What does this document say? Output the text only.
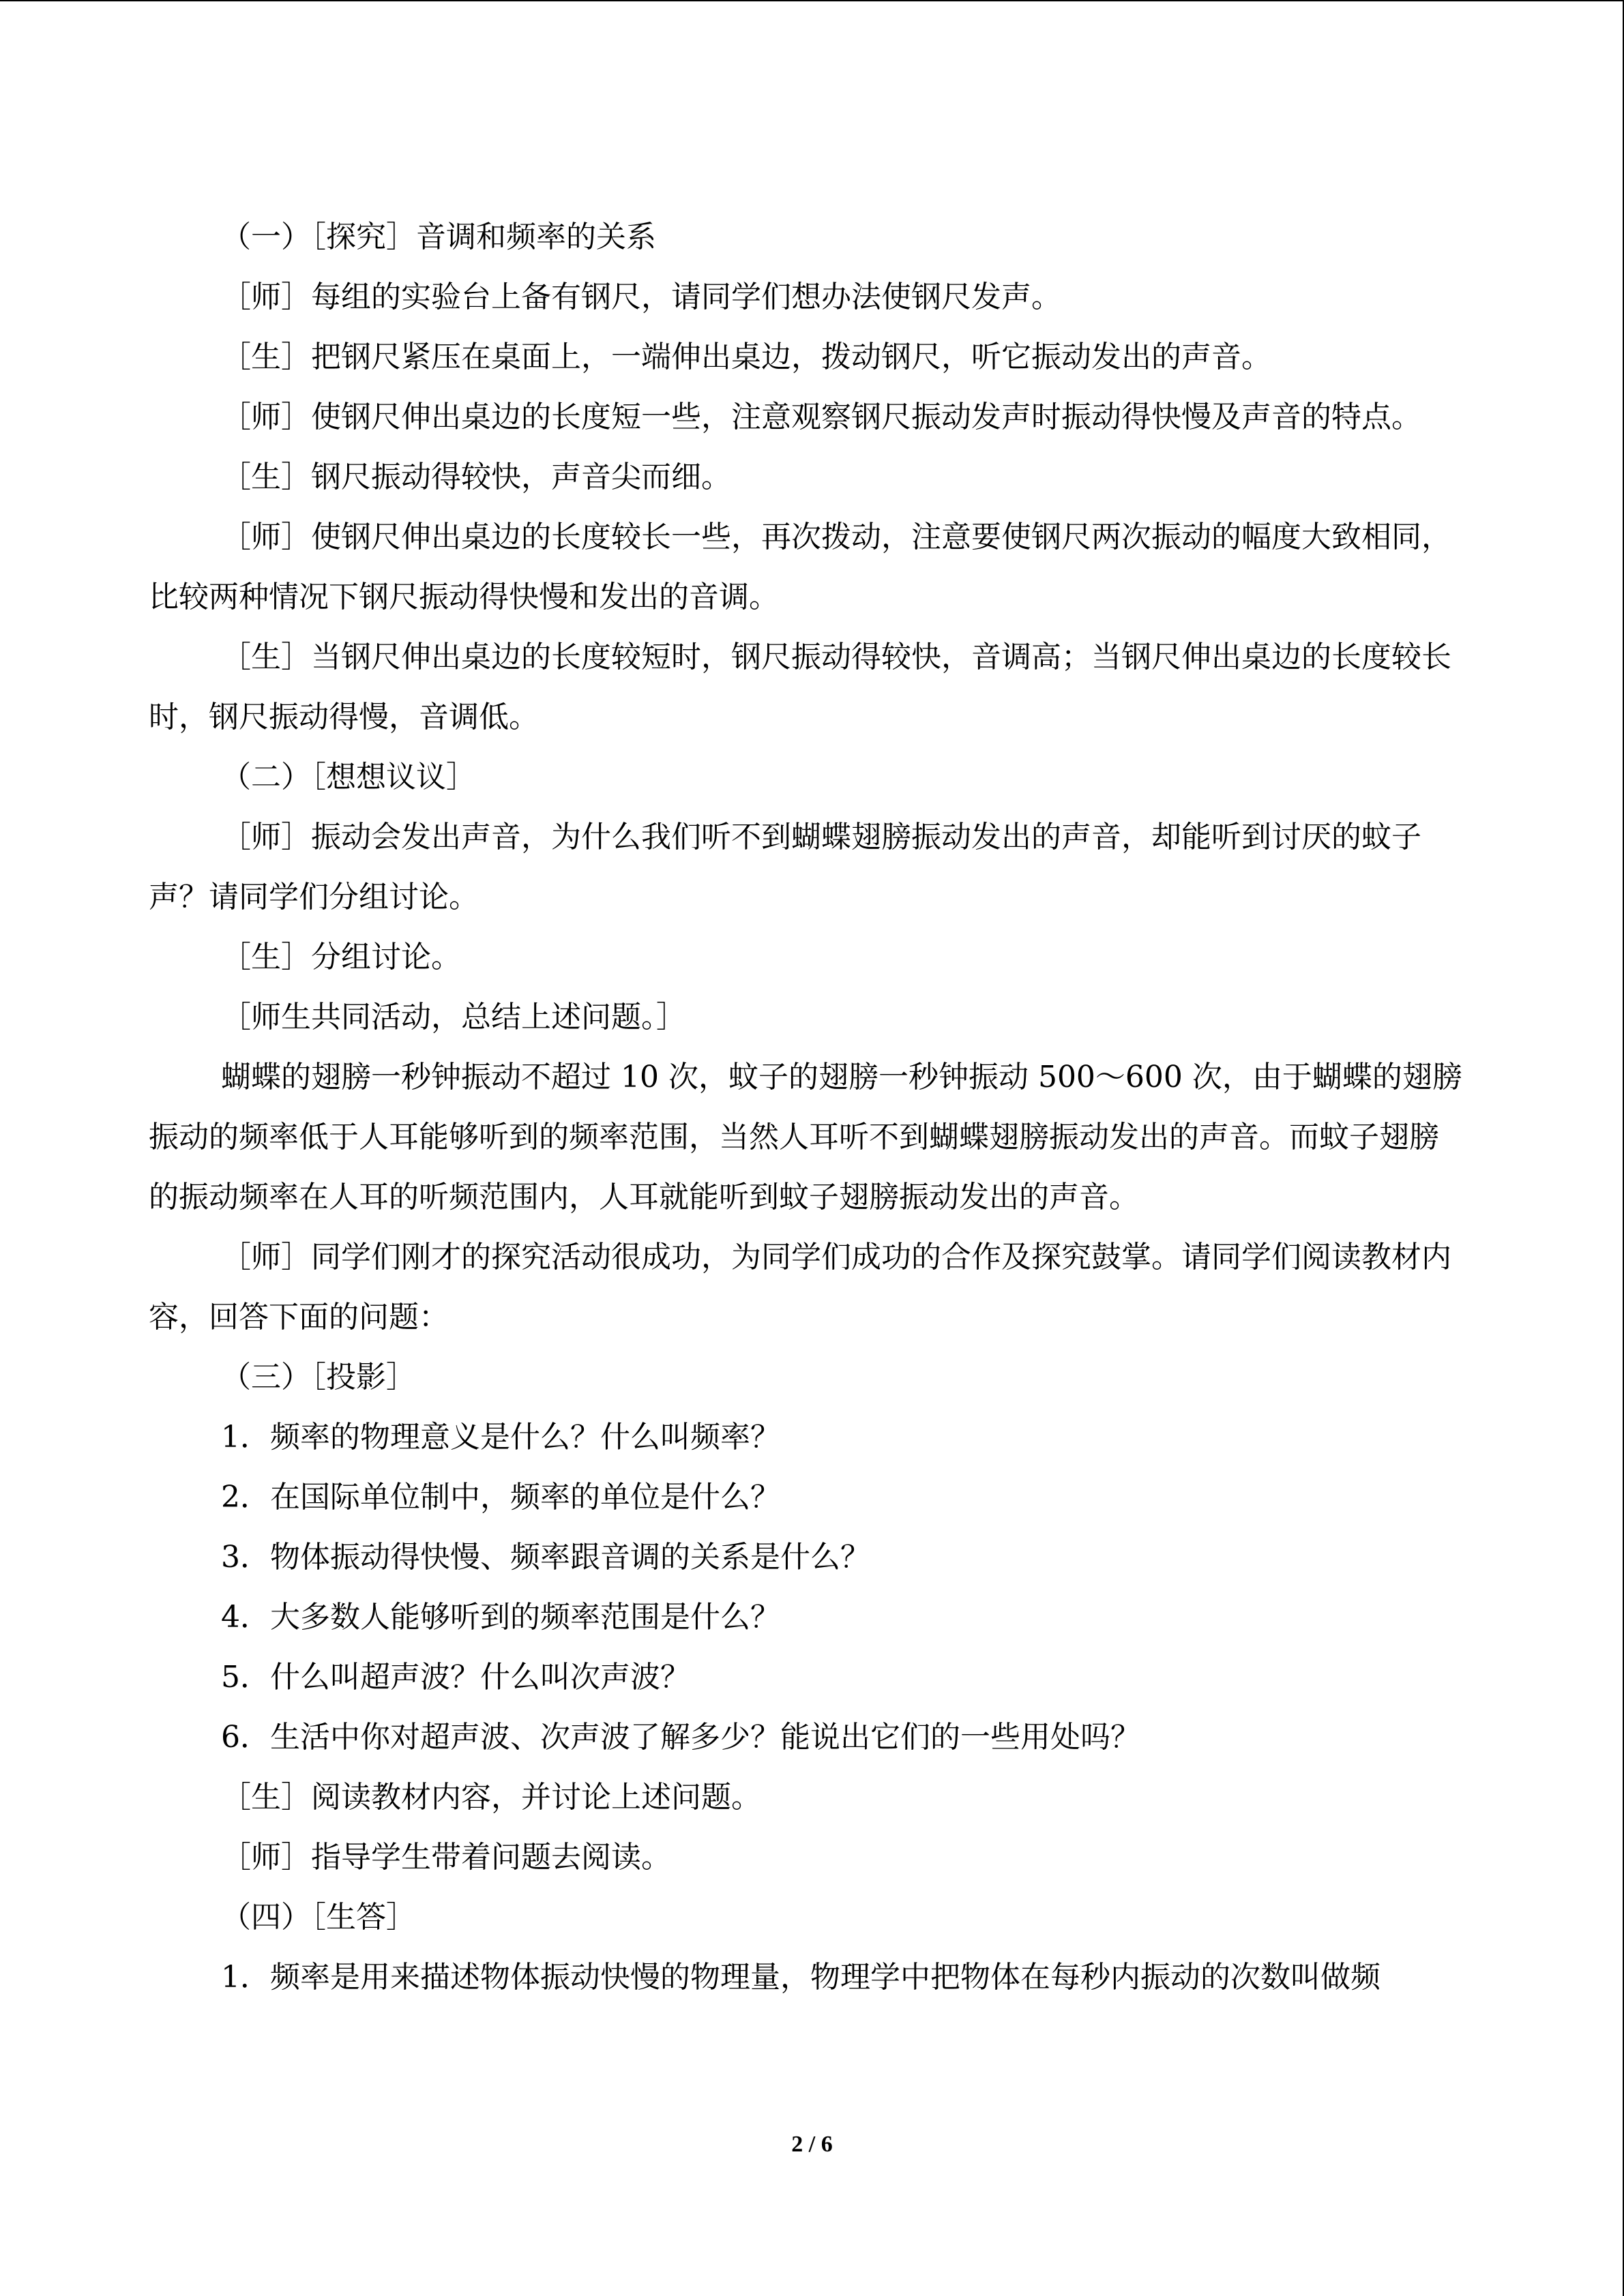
（一）［探究］音调和频率的关系

［师］每组的实验台上备有钢尺，请同学们想办法使钢尺发声。

［生］把钢尺紧压在桌面上，一端伸出桌边，拨动钢尺，听它振动发出的声音。

［师］使钢尺伸出桌边的长度短一些，注意观察钢尺振动发声时振动得快慢及声音的特点。

［生］钢尺振动得较快，声音尖而细。

［师］使钢尺伸出桌边的长度较长一些，再次拨动，注意要使钢尺两次振动的幅度大致相同，比较两种情况下钢尺振动得快慢和发出的音调。

［生］当钢尺伸出桌边的长度较短时，钢尺振动得较快，音调高；当钢尺伸出桌边的长度较长时，钢尺振动得慢，音调低。

（二）［想想议议］

［师］振动会发出声音，为什么我们听不到蝴蝶翅膀振动发出的声音，却能听到讨厌的蚊子声？请同学们分组讨论。

［生］分组讨论。

［师生共同活动，总结上述问题。］

蝴蝶的翅膀一秒钟振动不超过 10 次，蚊子的翅膀一秒钟振动 500～600 次，由于蝴蝶的翅膀振动的频率低于人耳能够听到的频率范围，当然人耳听不到蝴蝶翅膀振动发出的声音。而蚊子翅膀的振动频率在人耳的听频范围内，人耳就能听到蚊子翅膀振动发出的声音。

［师］同学们刚才的探究活动很成功，为同学们成功的合作及探究鼓掌。请同学们阅读教材内容，回答下面的问题：

（三）［投影］

1．频率的物理意义是什么？什么叫频率？

2．在国际单位制中，频率的单位是什么？

3．物体振动得快慢、频率跟音调的关系是什么？

4．大多数人能够听到的频率范围是什么？

5．什么叫超声波？什么叫次声波？

6．生活中你对超声波、次声波了解多少？能说出它们的一些用处吗？

［生］阅读教材内容，并讨论上述问题。

［师］指导学生带着问题去阅读。

（四）［生答］

1．频率是用来描述物体振动快慢的物理量，物理学中把物体在每秒内振动的次数叫做频

2 / 6
